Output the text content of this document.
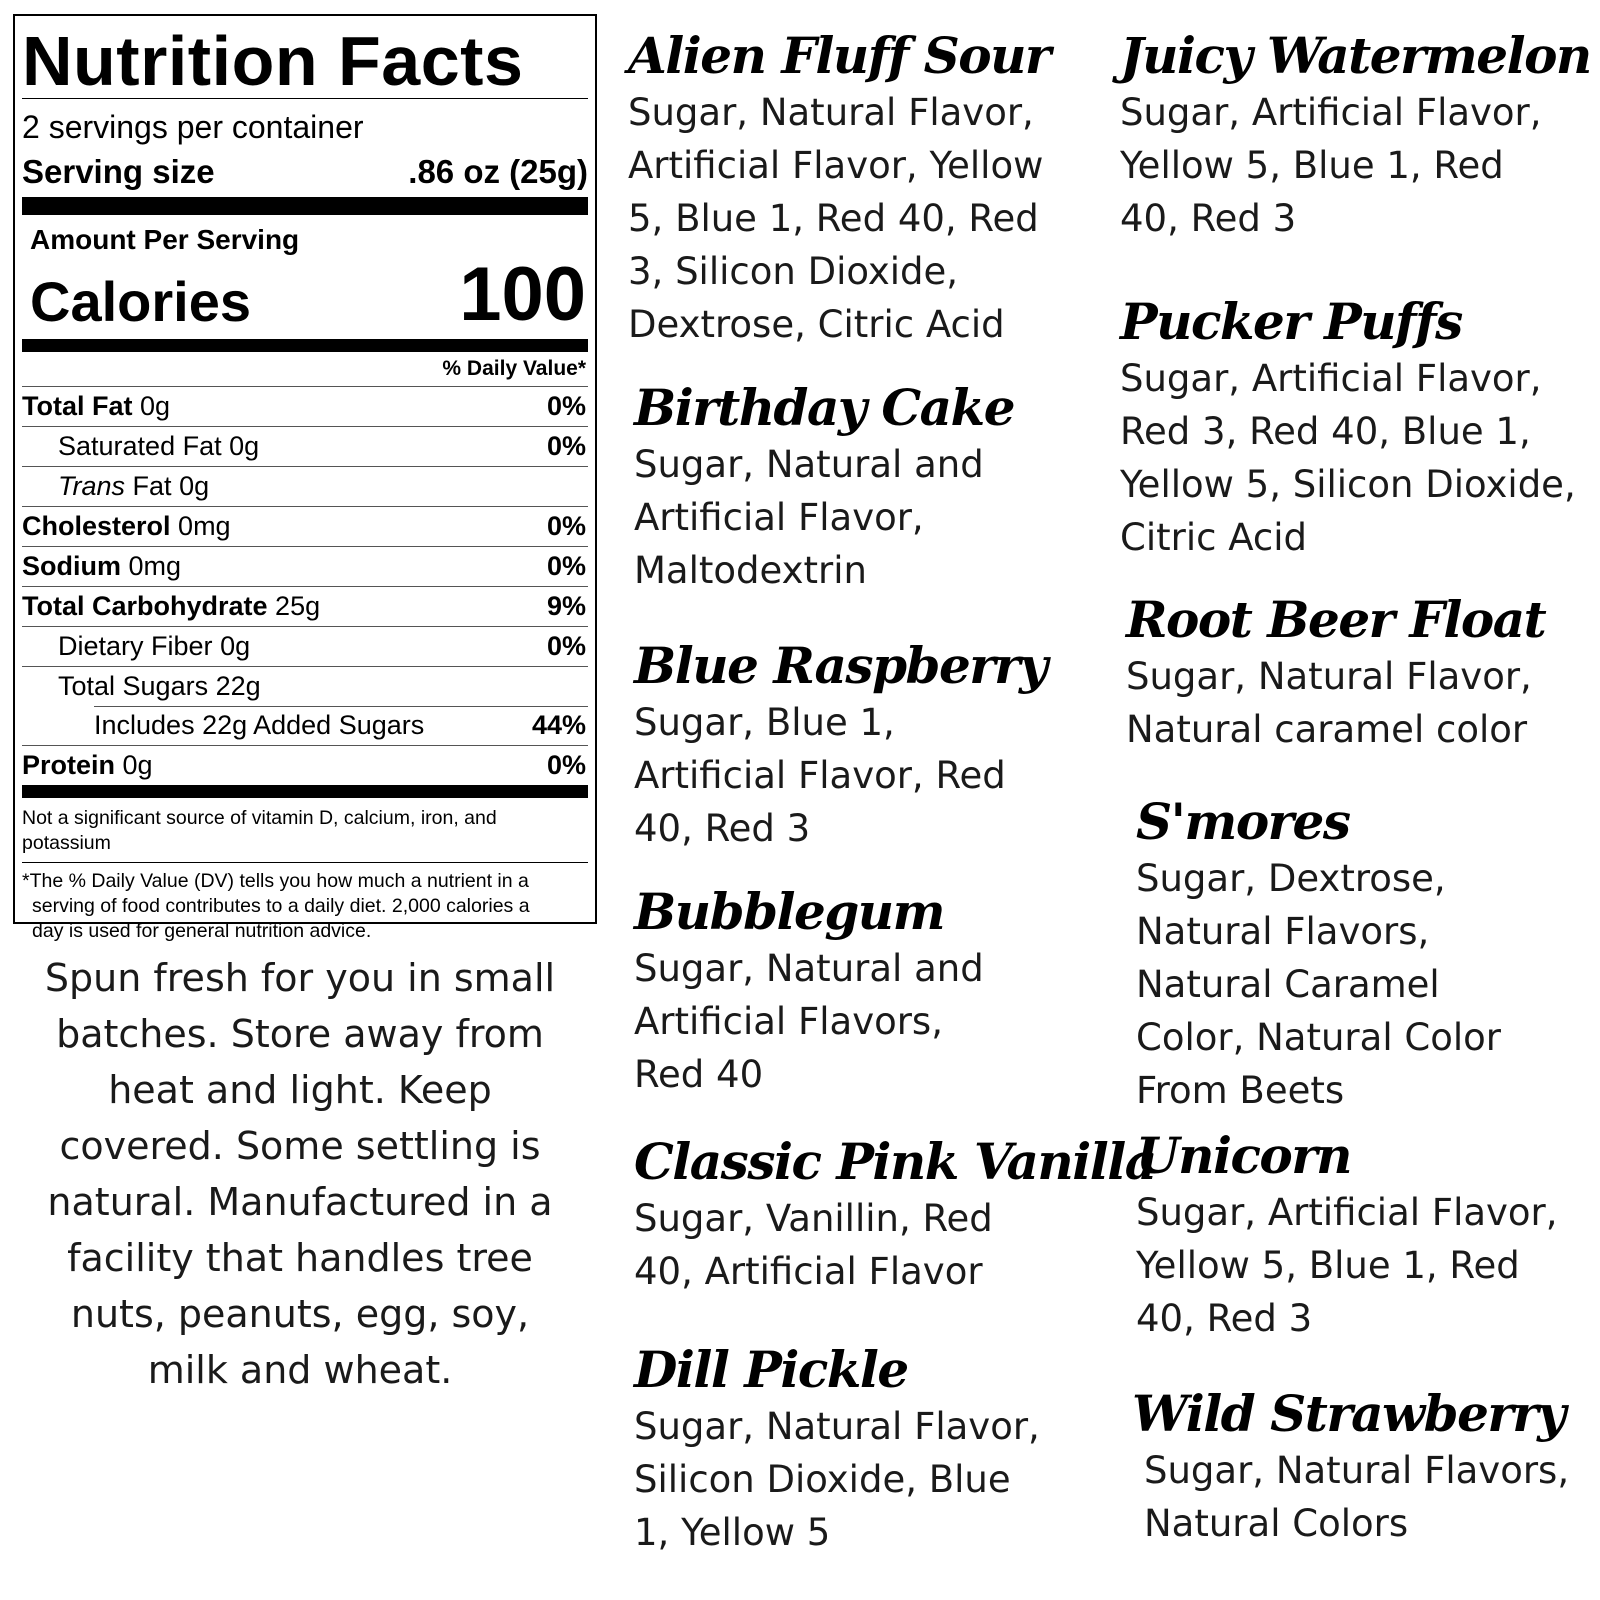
Nutrition Facts
2 servings per container
Serving size	.86 oz (25g)
Amount Per Serving
Calories	100
% Daily Value*
Total Fat 0g	0%
Saturated Fat 0g	0%
Trans Fat 0g
Cholesterol 0mg	0%
Sodium 0mg	0%
Total Carbohydrate 25g	9%
Dietary Fiber 0g	0%
Total Sugars 22g
Includes 22g Added Sugars	44%
Protein 0g	0%
Not a significant source of vitamin D, calcium, iron, and potassium
*The % Daily Value (DV) tells you how much a nutrient in a
serving of food contributes to a daily diet. 2,000 calories a
day is used for general nutrition advice.
Spun fresh for you in small batches. Store away from heat and light. Keep covered. Some settling is natural. Manufactured in a facility that handles tree nuts, peanuts, egg, soy, milk and wheat.
Alien Fluff Sour
Sugar, Natural Flavor,
Artificial Flavor, Yellow
5, Blue 1, Red 40, Red
3, Silicon Dioxide,
Dextrose, Citric Acid
Birthday Cake
Sugar, Natural and
Artificial Flavor,
Maltodextrin
Blue Raspberry
Sugar, Blue 1,
Artificial Flavor, Red
40, Red 3
Bubblegum
Sugar, Natural and
Artificial Flavors,
Red 40
Classic Pink Vanilla
Sugar, Vanillin, Red
40, Artificial Flavor
Dill Pickle
Sugar, Natural Flavor,
Silicon Dioxide, Blue
1, Yellow 5
Juicy Watermelon
Sugar, Artificial Flavor,
Yellow 5, Blue 1, Red
40, Red 3
Pucker Puffs
Sugar, Artificial Flavor,
Red 3, Red 40, Blue 1,
Yellow 5, Silicon Dioxide,
Citric Acid
Root Beer Float
Sugar, Natural Flavor,
Natural caramel color
S'mores
Sugar, Dextrose,
Natural Flavors,
Natural Caramel
Color, Natural Color
From Beets
Unicorn
Sugar, Artificial Flavor,
Yellow 5, Blue 1, Red
40, Red 3
Wild Strawberry
Sugar, Natural Flavors,
Natural Colors
